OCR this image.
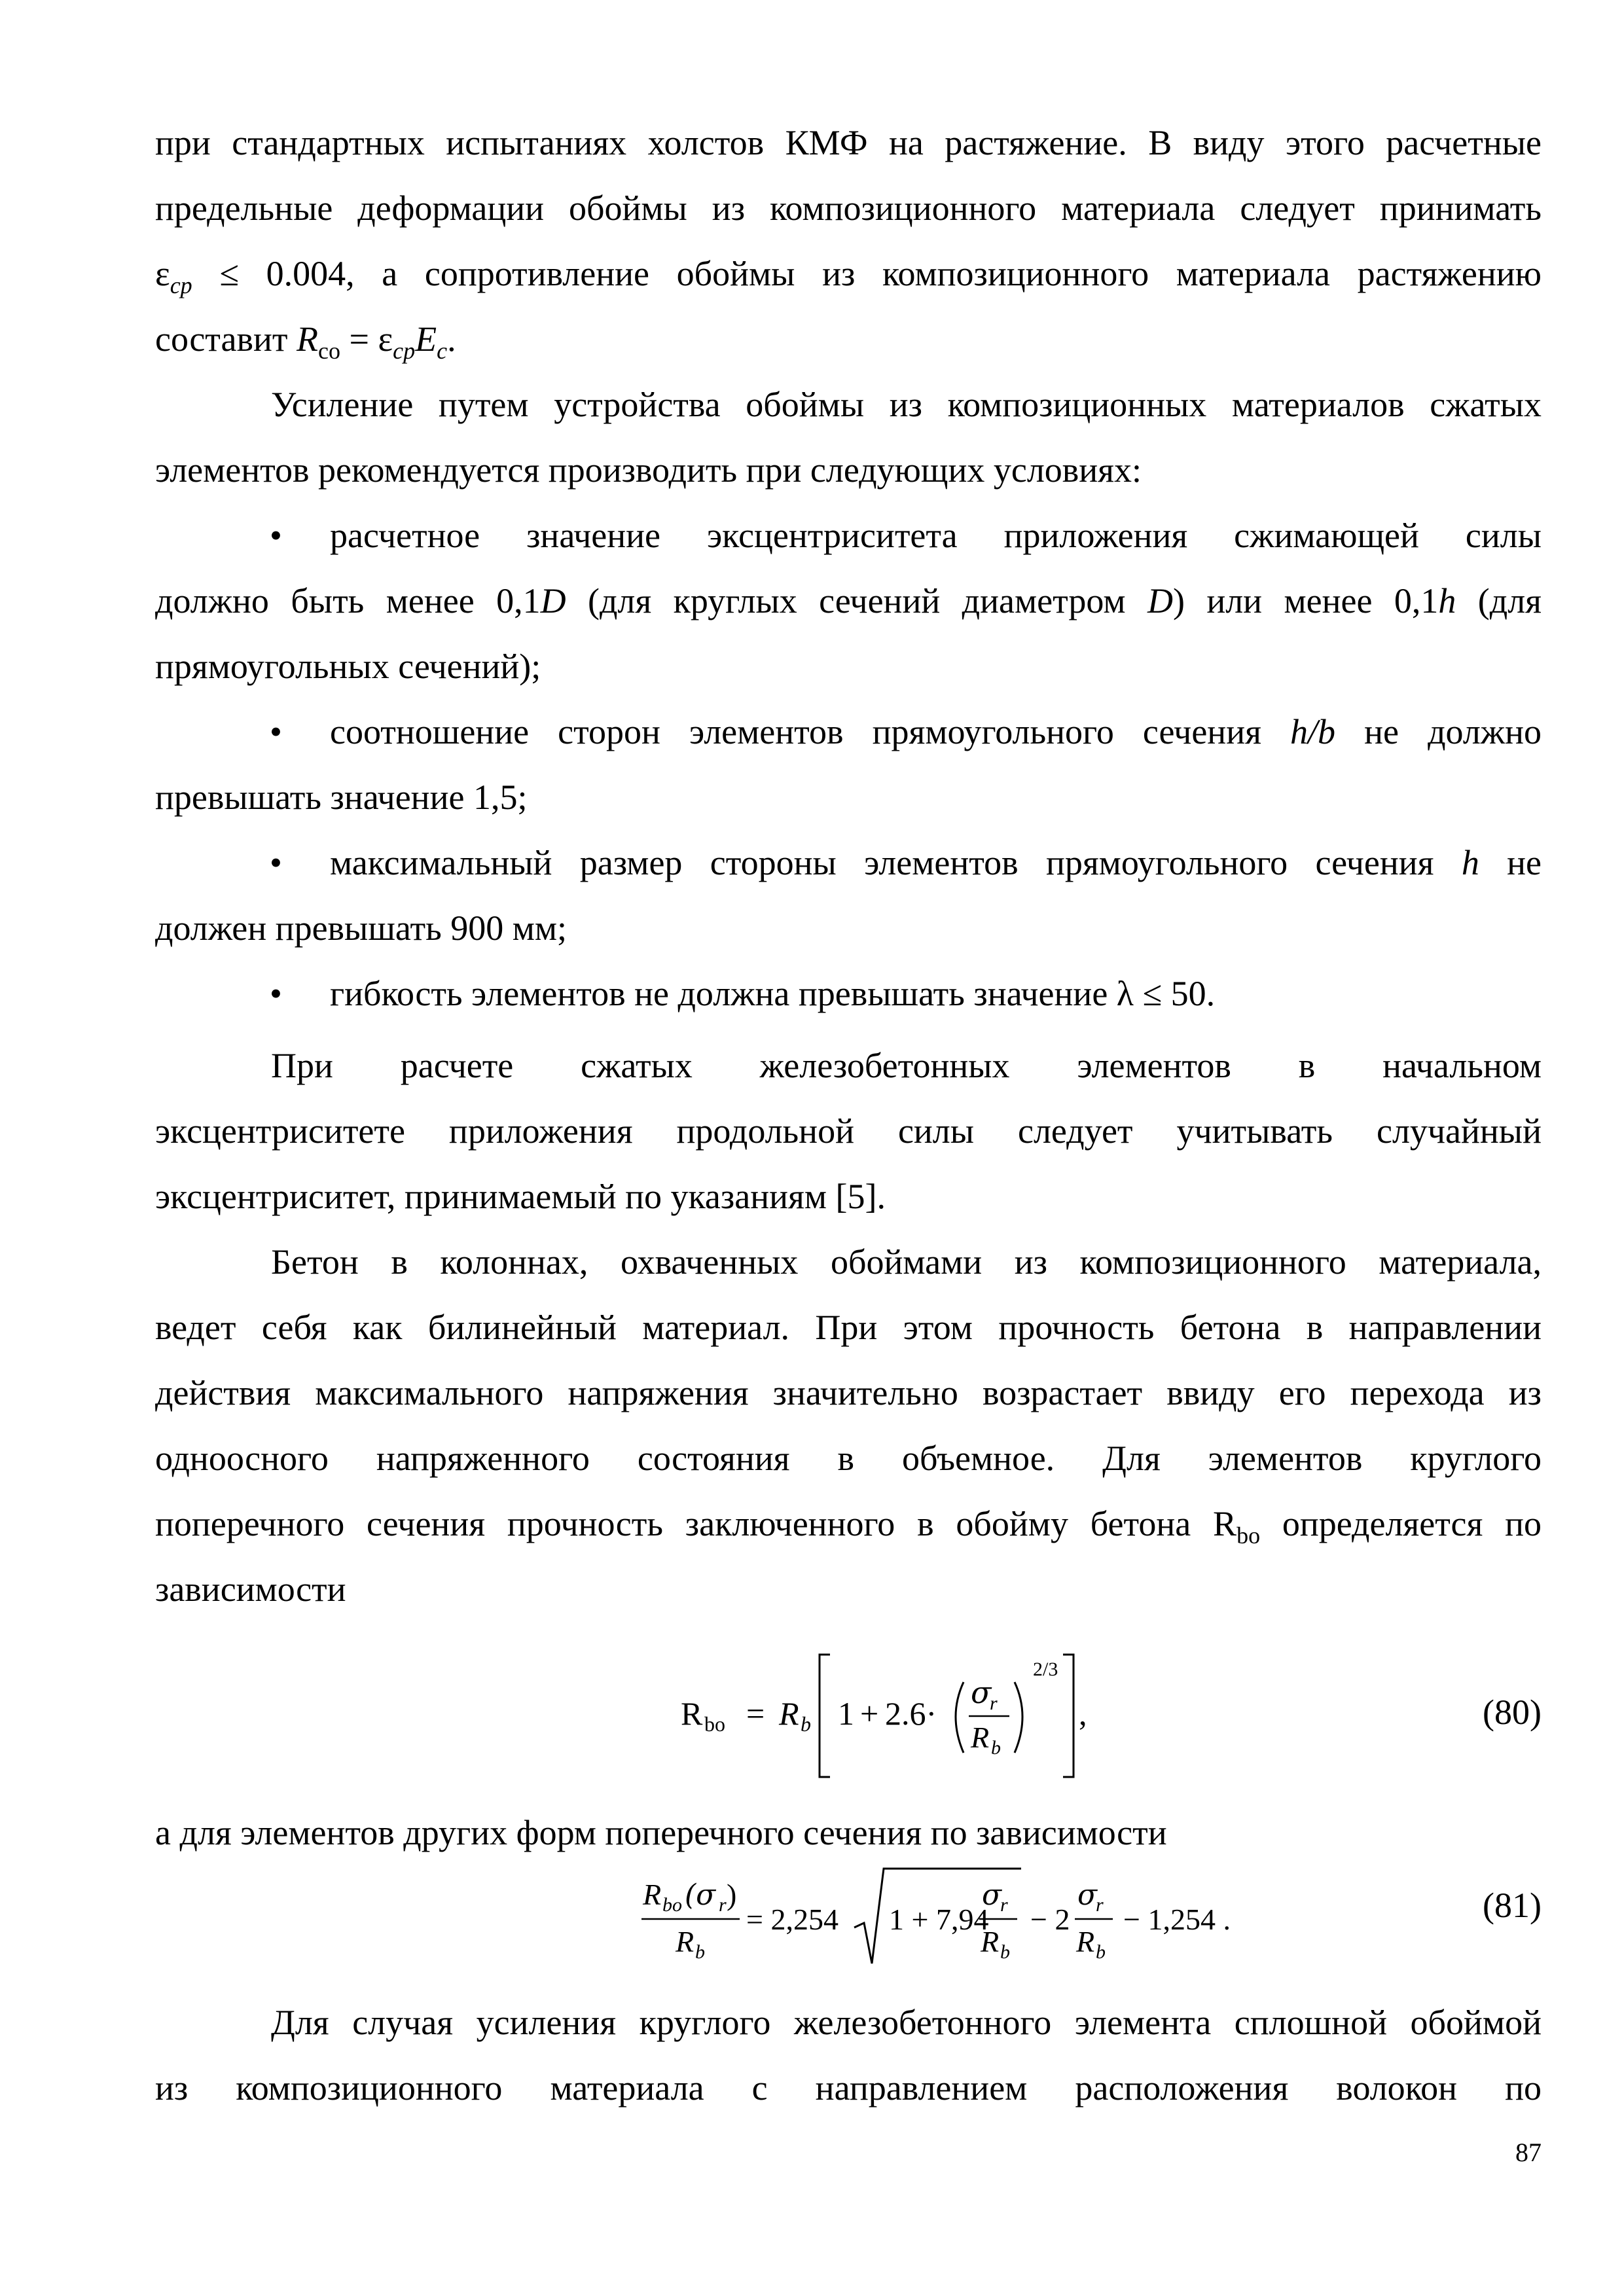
при стандартных испытаниях холстов КМФ на растяжение. В виду этого расчетные
предельные деформации обоймы из композиционного материала следует принимать
$\varepsilon_{cp} \le 0.004$, а сопротивление обоймы из композиционного материала растяжению
составит $R_{co} = \varepsilon_{cp}E_c$.
Усиление путем устройства обоймы из композиционных материалов сжатых
элементов рекомендуется производить при следующих условиях:
• расчетное значение эксцентриситета приложения сжимающей силы
должно быть менее 0,1D (для круглых сечений диаметром D) или менее 0,1h (для
прямоугольных сечений);
• соотношение сторон элементов прямоугольного сечения h/b не должно
превышать значение 1,5;
• максимальный размер стороны элементов прямоугольного сечения h не
должен превышать 900 мм;
• гибкость элементов не должна превышать значение λ ≤ 50.
При расчете сжатых железобетонных элементов в начальном
эксцентриситете приложения продольной силы следует учитывать случайный
эксцентриситет, принимаемый по указаниям [5].
Бетон в колоннах, охваченных обоймами из композиционного материала,
ведет себя как билинейный материал. При этом прочность бетона в направлении
действия максимального напряжения значительно возрастает ввиду его перехода из
одноосного напряженного состояния в объемное. Для элементов круглого
поперечного сечения прочность заключенного в обойму бетона $R_{bo}$ определяется по
зависимости
R bo = R b 1 + 2.6·
σ
r
R b
2/3
,	(80)
а для элементов других форм поперечного сечения по зависимости
R bo (σ r )
R b
= 2,254 1 + 7,94
σ
r
R b
− 2
σ
r
R b
− 1,254 .	(81)
Для случая усиления круглого железобетонного элемента сплошной обоймой
из композиционного материала с направлением расположения волокон по
87
